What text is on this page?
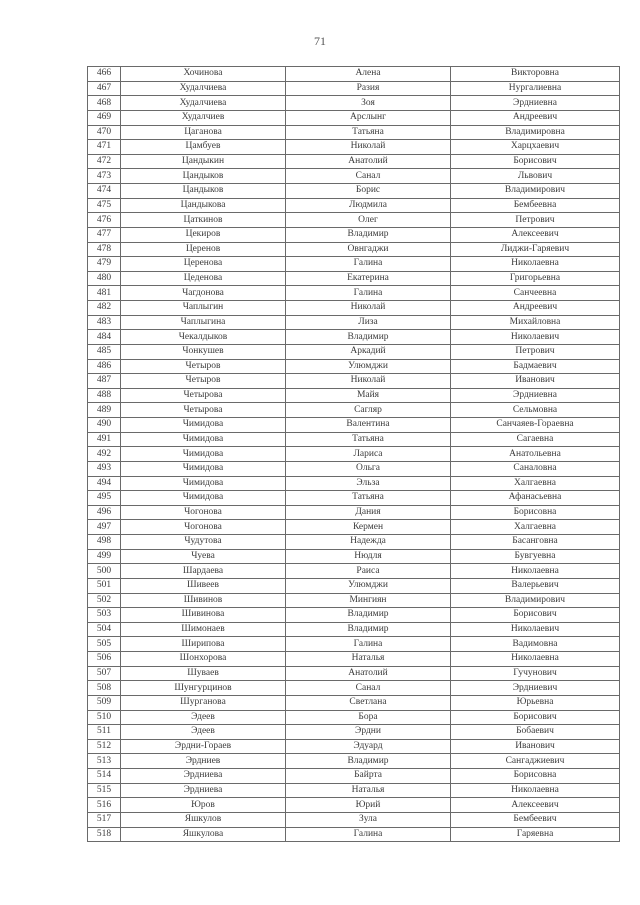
71
466	Хочинова	Алена	Викторовна
467	Худалчиева	Разия	Нургалиевна
468	Худалчиева	Зоя	Эрдниевна
469	Худалчиев	Арслынг	Андреевич
470	Цаганова	Татьяна	Владимировна
471	Цамбуев	Николай	Харцхаевич
472	Цандыкин	Анатолий	Борисович
473	Цандыков	Санал	Львович
474	Цандыков	Борис	Владимирович
475	Цандыкова	Людмила	Бембеевна
476	Цаткинов	Олег	Петрович
477	Цекиров	Владимир	Алексеевич
478	Церенов	Овнгаджи	Лиджи-Гаряевич
479	Церенова	Галина	Николаевна
480	Цеденова	Екатерина	Григорьевна
481	Чагдонова	Галина	Санчеевна
482	Чаплыгин	Николай	Андреевич
483	Чаплыгина	Лиза	Михайловна
484	Чекалдыков	Владимир	Николаевич
485	Чонкушев	Аркадий	Петрович
486	Четыров	Улюмджи	Бадмаевич
487	Четыров	Николай	Иванович
488	Четырова	Майя	Эрдниевна
489	Четырова	Сагляр	Сельмовна
490	Чимидова	Валентина	Санчаяев-Гораевна
491	Чимидова	Татьяна	Сагаевна
492	Чимидова	Лариса	Анатольевна
493	Чимидова	Ольга	Саналовна
494	Чимидова	Эльза	Халгаевна
495	Чимидова	Татьяна	Афанасьевна
496	Чогонова	Дания	Борисовна
497	Чогонова	Кермен	Халгаевна
498	Чудутова	Надежда	Басанговна
499	Чуева	Нюдля	Бувгуевна
500	Шардаева	Раиса	Николаевна
501	Шивеев	Улюмджи	Валерьевич
502	Шивинов	Мингиян	Владимирович
503	Шивинова	Владимир	Борисович
504	Шимонаев	Владимир	Николаевич
505	Ширипова	Галина	Вадимовна
506	Шонхорова	Наталья	Николаевна
507	Шуваев	Анатолий	Гучунович
508	Шунгурцинов	Санал	Эрдниевич
509	Шургановa	Светлана	Юрьевна
510	Эдеев	Бора	Борисович
511	Эдеев	Эрдни	Бобаевич
512	Эрдни-Гораев	Эдуард	Иванович
513	Эрдниев	Владимир	Сангаджиевич
514	Эрдниева	Байрта	Борисовна
515	Эрдниева	Наталья	Николаевна
516	Юров	Юрий	Алексеевич
517	Яшкулов	Зула	Бембеевич
518	Яшкулова	Галина	Гаряевна
